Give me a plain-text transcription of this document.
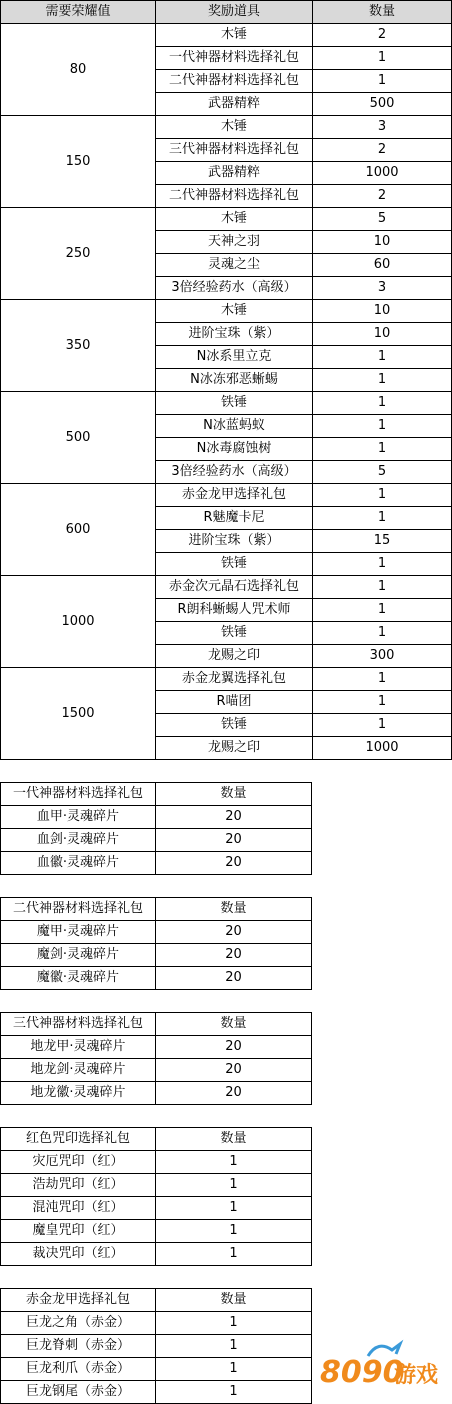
需要荣耀值	奖励道具	数量
80	木锤	2
	一代神器材料选择礼包	1
	二代神器材料选择礼包	1
	武器精粹	500
150	木锤	3
	三代神器材料选择礼包	2
	武器精粹	1000
	二代神器材料选择礼包	2
250	木锤	5
	天神之羽	10
	灵魂之尘	60
	3倍经验药水（高级）	3
350	木锤	10
	进阶宝珠（紫）	10
	N冰系里立克	1
	N冰冻邪恶蜥蜴	1
500	铁锤	1
	N冰蓝蚂蚁	1
	N冰毒腐蚀树	1
	3倍经验药水（高级）	5
600	赤金龙甲选择礼包	1
	R魅魔卡尼	1
	进阶宝珠（紫）	15
	铁锤	1
1000	赤金次元晶石选择礼包	1
	R朗科蜥蜴人咒术师	1
	铁锤	1
	龙赐之印	300
1500	赤金龙翼选择礼包	1
	R喵团	1
	铁锤	1
	龙赐之印	1000
一代神器材料选择礼包	数量
血甲·灵魂碎片	20
血剑·灵魂碎片	20
血徽·灵魂碎片	20
二代神器材料选择礼包	数量
魔甲·灵魂碎片	20
魔剑·灵魂碎片	20
魔徽·灵魂碎片	20
三代神器材料选择礼包	数量
地龙甲·灵魂碎片	20
地龙剑·灵魂碎片	20
地龙徽·灵魂碎片	20
红色咒印选择礼包	数量
灾厄咒印（红）	1
浩劫咒印（红）	1
混沌咒印（红）	1
魔皇咒印（红）	1
裁决咒印（红）	1
赤金龙甲选择礼包	数量
巨龙之角（赤金）	1
巨龙脊刺（赤金）	1
巨龙利爪（赤金）	1
巨龙钢尾（赤金）	1
8090
游戏
